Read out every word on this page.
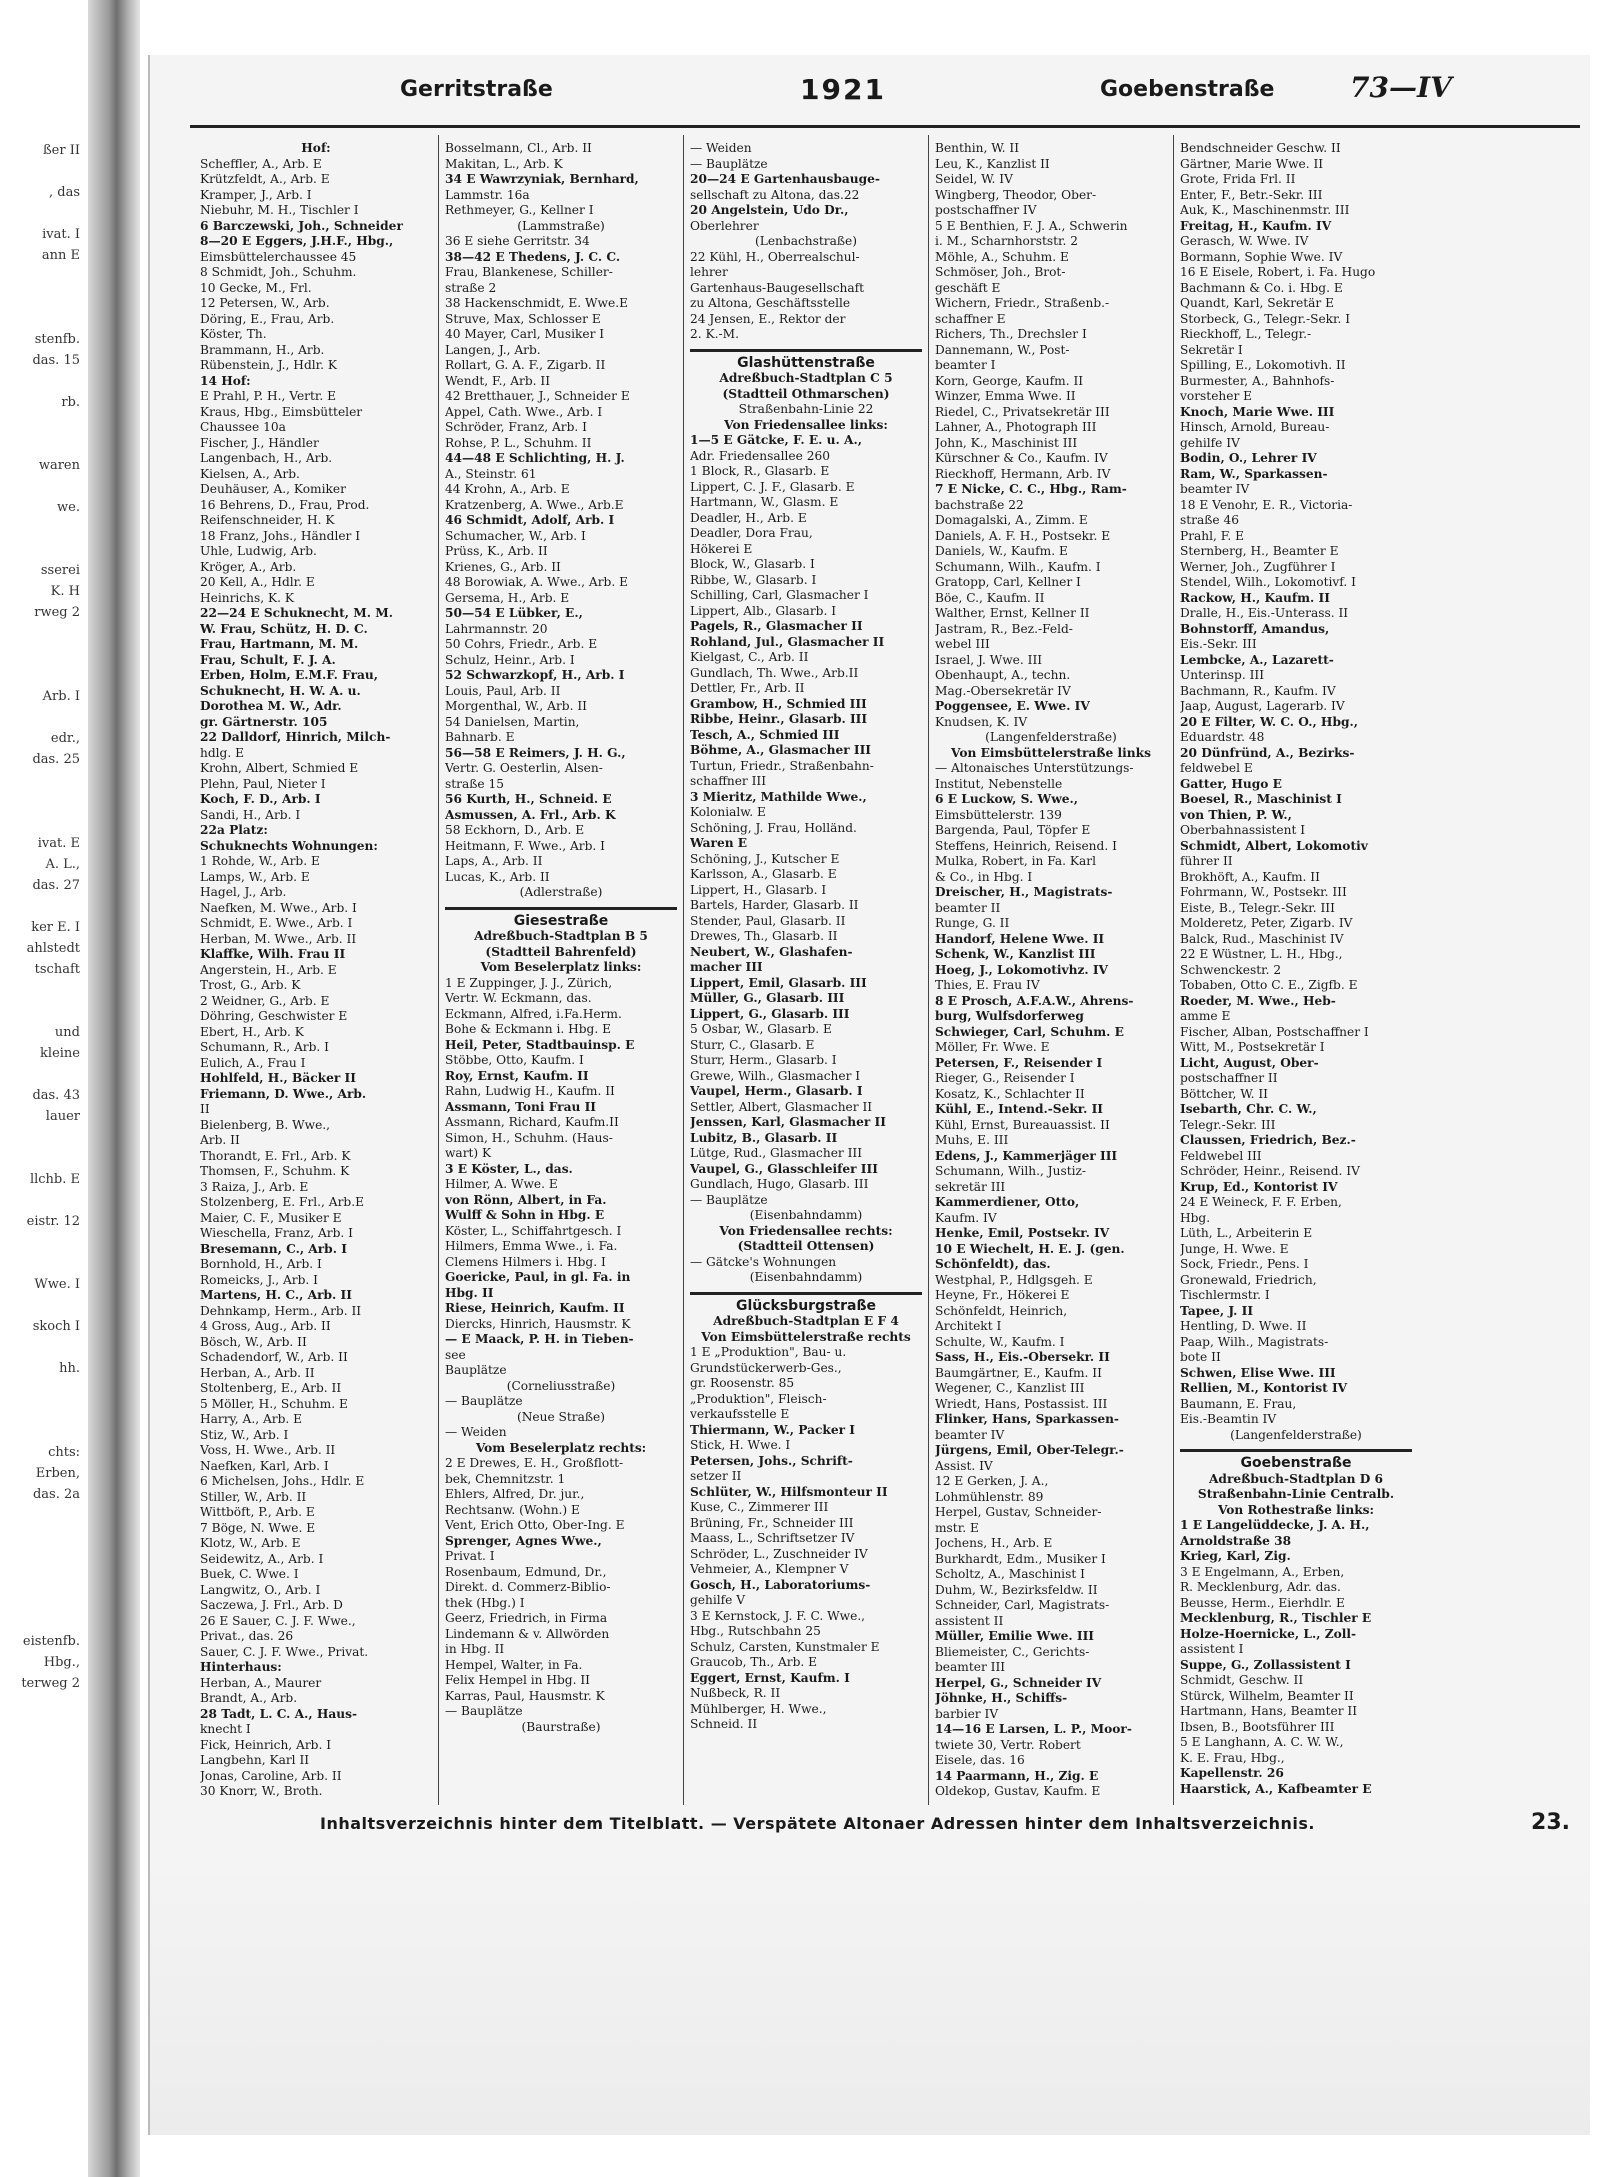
ßer II

, das

ivat. I
ann E

stenfb.
das. 15

rb.

waren

we.

sserei
K. H
rweg 2

Arb. I

edr.,
das. 25

ivat. E
A. L.,
das. 27

ker E. I
ahlstedt
tschaft

und
kleine

das. 43
lauer

llchb. E

eistr. 12

Wwe. I

skoch I

hh.

chts:
Erben,
das. 2a

eistenfb.
Hbg.,
terweg 2
Gerritstraße	1921	Goebenstraße	73—IV
Hof:
Scheffler, A., Arb. E
Krützfeldt, A., Arb. E
Kramper, J., Arb. I
Niebuhr, M. H., Tischler I
6 Barczewski, Joh., Schneider
8—20 E Eggers, J.H.F., Hbg.,
Eimsbüttelerchaussee 45
8 Schmidt, Joh., Schuhm.
10 Gecke, M., Frl.
12 Petersen, W., Arb.
Döring, E., Frau, Arb.
Köster, Th.
Brammann, H., Arb.
Rübenstein, J., Hdlr. K
14 Hof:
E Prahl, P. H., Vertr. E
Kraus, Hbg., Eimsbütteler
Chaussee 10a
Fischer, J., Händler
Langenbach, H., Arb.
Kielsen, A., Arb.
Deuhäuser, A., Komiker
16 Behrens, D., Frau, Prod.
Reifenschneider, H. K
18 Franz, Johs., Händler I
Uhle, Ludwig, Arb.
Kröger, A., Arb.
20 Kell, A., Hdlr. E
Heinrichs, K. K
22—24 E Schuknecht, M. M.
W. Frau, Schütz, H. D. C.
Frau, Hartmann, M. M.
Frau, Schult, F. J. A.
Erben, Holm, E.M.F. Frau,
Schuknecht, H. W. A. u.
Dorothea M. W., Adr.
gr. Gärtnerstr. 105
22 Dalldorf, Hinrich, Milch-
hdlg. E
Krohn, Albert, Schmied E
Plehn, Paul, Nieter I
Koch, F. D., Arb. I
Sandi, H., Arb. I
22a Platz:
Schuknechts Wohnungen:
1 Rohde, W., Arb. E
Lamps, W., Arb. E
Hagel, J., Arb.
Naefken, M. Wwe., Arb. I
Schmidt, E. Wwe., Arb. I
Herban, M. Wwe., Arb. II
Klaffke, Wilh. Frau II
Angerstein, H., Arb. E
Trost, G., Arb. K
2 Weidner, G., Arb. E
Döhring, Geschwister E
Ebert, H., Arb. K
Schumann, R., Arb. I
Eulich, A., Frau I
Hohlfeld, H., Bäcker II
Friemann, D. Wwe., Arb.
II
Bielenberg, B. Wwe.,
Arb. II
Thorandt, E. Frl., Arb. K
Thomsen, F., Schuhm. K
3 Raiza, J., Arb. E
Stolzenberg, E. Frl., Arb.E
Maier, C. F., Musiker E
Wieschella, Franz, Arb. I
Bresemann, C., Arb. I
Bornhold, H., Arb. I
Romeicks, J., Arb. I
Martens, H. C., Arb. II
Dehnkamp, Herm., Arb. II
4 Gross, Aug., Arb. II
Bösch, W., Arb. II
Schadendorf, W., Arb. II
Herban, A., Arb. II
Stoltenberg, E., Arb. II
5 Möller, H., Schuhm. E
Harry, A., Arb. E
Stiz, W., Arb. I
Voss, H. Wwe., Arb. II
Naefken, Karl, Arb. I
6 Michelsen, Johs., Hdlr. E
Stiller, W., Arb. II
Wittböft, P., Arb. E
7 Böge, N. Wwe. E
Klotz, W., Arb. E
Seidewitz, A., Arb. I
Buek, C. Wwe. I
Langwitz, O., Arb. I
Saczewa, J. Frl., Arb. D
26 E Sauer, C. J. F. Wwe.,
Privat., das. 26
Sauer, C. J. F. Wwe., Privat.
Hinterhaus:
Herban, A., Maurer
Brandt, A., Arb.
28 Tadt, L. C. A., Haus-
knecht I
Fick, Heinrich, Arb. I
Langbehn, Karl II
Jonas, Caroline, Arb. II
30 Knorr, W., Broth.
Bosselmann, Cl., Arb. II
Makitan, L., Arb. K
34 E Wawrzyniak, Bernhard,
Lammstr. 16a
Rethmeyer, G., Kellner I
(Lammstraße)
36 E siehe Gerritstr. 34
38—42 E Thedens, J. C. C.
Frau, Blankenese, Schiller-
straße 2
38 Hackenschmidt, E. Wwe.E
Struve, Max, Schlosser E
40 Mayer, Carl, Musiker I
Langen, J., Arb.
Rollart, G. A. F., Zigarb. II
Wendt, F., Arb. II
42 Bretthauer, J., Schneider E
Appel, Cath. Wwe., Arb. I
Schröder, Franz, Arb. I
Rohse, P. L., Schuhm. II
44—48 E Schlichting, H. J.
A., Steinstr. 61
44 Krohn, A., Arb. E
Kratzenberg, A. Wwe., Arb.E
46 Schmidt, Adolf, Arb. I
Schumacher, W., Arb. I
Prüss, K., Arb. II
Krienes, G., Arb. II
48 Borowiak, A. Wwe., Arb. E
Gersema, H., Arb. E
50—54 E Lübker, E.,
Lahrmannstr. 20
50 Cohrs, Friedr., Arb. E
Schulz, Heinr., Arb. I
52 Schwarzkopf, H., Arb. I
Louis, Paul, Arb. II
Morgenthal, W., Arb. II
54 Danielsen, Martin,
Bahnarb. E
56—58 E Reimers, J. H. G.,
Vertr. G. Oesterlin, Alsen-
straße 15
56 Kurth, H., Schneid. E
Asmussen, A. Frl., Arb. K
58 Eckhorn, D., Arb. E
Heitmann, F. Wwe., Arb. I
Laps, A., Arb. II
Lucas, K., Arb. II
(Adlerstraße)
Giesestraße
Adreßbuch-Stadtplan B 5
(Stadtteil Bahrenfeld)
Vom Beselerplatz links:
1 E Zuppinger, J. J., Zürich,
Vertr. W. Eckmann, das.
Eckmann, Alfred, i.Fa.Herm.
Bohe & Eckmann i. Hbg. E
Heil, Peter, Stadtbauinsp. E
Stöbbe, Otto, Kaufm. I
Roy, Ernst, Kaufm. II
Rahn, Ludwig H., Kaufm. II
Assmann, Toni Frau II
Assmann, Richard, Kaufm.II
Simon, H., Schuhm. (Haus-
wart) K
3 E Köster, L., das.
Hilmer, A. Wwe. E
von Rönn, Albert, in Fa.
Wulff & Sohn in Hbg. E
Köster, L., Schiffahrtgesch. I
Hilmers, Emma Wwe., i. Fa.
Clemens Hilmers i. Hbg. I
Goericke, Paul, in gl. Fa. in
Hbg. II
Riese, Heinrich, Kaufm. II
Diercks, Hinrich, Hausmstr. K
— E Maack, P. H. in Tieben-
see
Bauplätze
(Corneliusstraße)
— Bauplätze
(Neue Straße)
— Weiden
Vom Beselerplatz rechts:
2 E Drewes, E. H., Großflott-
bek, Chemnitzstr. 1
Ehlers, Alfred, Dr. jur.,
Rechtsanw. (Wohn.) E
Vent, Erich Otto, Ober-Ing. E
Sprenger, Agnes Wwe.,
Privat. I
Rosenbaum, Edmund, Dr.,
Direkt. d. Commerz-Biblio-
thek (Hbg.) I
Geerz, Friedrich, in Firma
Lindemann & v. Allwörden
in Hbg. II
Hempel, Walter, in Fa.
Felix Hempel in Hbg. II
Karras, Paul, Hausmstr. K
— Bauplätze
(Baurstraße)
— Weiden
— Bauplätze
20—24 E Gartenhausbauge-
sellschaft zu Altona, das.22
20 Angelstein, Udo Dr.,
Oberlehrer
(Lenbachstraße)
22 Kühl, H., Oberrealschul-
lehrer
Gartenhaus-Baugesellschaft
zu Altona, Geschäftsstelle
24 Jensen, E., Rektor der
2. K.-M.
Glashüttenstraße
Adreßbuch-Stadtplan C 5
(Stadtteil Othmarschen)
Straßenbahn-Linie 22
Von Friedensallee links:
1—5 E Gätcke, F. E. u. A.,
Adr. Friedensallee 260
1 Block, R., Glasarb. E
Lippert, C. J. F., Glasarb. E
Hartmann, W., Glasm. E
Deadler, H., Arb. E
Deadler, Dora Frau,
Hökerei E
Block, W., Glasarb. I
Ribbe, W., Glasarb. I
Schilling, Carl, Glasmacher I
Lippert, Alb., Glasarb. I
Pagels, R., Glasmacher II
Rohland, Jul., Glasmacher II
Kielgast, C., Arb. II
Gundlach, Th. Wwe., Arb.II
Dettler, Fr., Arb. II
Grambow, H., Schmied III
Ribbe, Heinr., Glasarb. III
Tesch, A., Schmied III
Böhme, A., Glasmacher III
Turtun, Friedr., Straßenbahn-
schaffner III
3 Mieritz, Mathilde Wwe.,
Kolonialw. E
Schöning, J. Frau, Holländ.
Waren E
Schöning, J., Kutscher E
Karlsson, A., Glasarb. E
Lippert, H., Glasarb. I
Bartels, Harder, Glasarb. II
Stender, Paul, Glasarb. II
Drewes, Th., Glasarb. II
Neubert, W., Glashafen-
macher III
Lippert, Emil, Glasarb. III
Müller, G., Glasarb. III
Lippert, G., Glasarb. III
5 Osbar, W., Glasarb. E
Sturr, C., Glasarb. E
Sturr, Herm., Glasarb. I
Grewe, Wilh., Glasmacher I
Vaupel, Herm., Glasarb. I
Settler, Albert, Glasmacher II
Jenssen, Karl, Glasmacher II
Lubitz, B., Glasarb. II
Lütge, Rud., Glasmacher III
Vaupel, G., Glasschleifer III
Gundlach, Hugo, Glasarb. III
— Bauplätze
(Eisenbahndamm)
Von Friedensallee rechts:
(Stadtteil Ottensen)
— Gätcke's Wohnungen
(Eisenbahndamm)
Glücksburgstraße
Adreßbuch-Stadtplan E F 4
Von Eimsbüttelerstraße rechts
1 E „Produktion", Bau- u.
Grundstückerwerb-Ges.,
gr. Roosenstr. 85
„Produktion", Fleisch-
verkaufsstelle E
Thiermann, W., Packer I
Stick, H. Wwe. I
Petersen, Johs., Schrift-
setzer II
Schlüter, W., Hilfsmonteur II
Kuse, C., Zimmerer III
Brüning, Fr., Schneider III
Maass, L., Schriftsetzer IV
Schröder, L., Zuschneider IV
Vehmeier, A., Klempner V
Gosch, H., Laboratoriums-
gehilfe V
3 E Kernstock, J. F. C. Wwe.,
Hbg., Rutschbahn 25
Schulz, Carsten, Kunstmaler E
Graucob, Th., Arb. E
Eggert, Ernst, Kaufm. I
Nußbeck, R. II
Mühlberger, H. Wwe.,
Schneid. II
Benthin, W. II
Leu, K., Kanzlist II
Seidel, W. IV
Wingberg, Theodor, Ober-
postschaffner IV
5 E Benthien, F. J. A., Schwerin
i. M., Scharnhorststr. 2
Möhle, A., Schuhm. E
Schmöser, Joh., Brot-
geschäft E
Wichern, Friedr., Straßenb.-
schaffner E
Richers, Th., Drechsler I
Dannemann, W., Post-
beamter I
Korn, George, Kaufm. II
Winzer, Emma Wwe. II
Riedel, C., Privatsekretär III
Lahner, A., Photograph III
John, K., Maschinist III
Kürschner & Co., Kaufm. IV
Rieckhoff, Hermann, Arb. IV
7 E Nicke, C. C., Hbg., Ram-
bachstraße 22
Domagalski, A., Zimm. E
Daniels, A. F. H., Postsekr. E
Daniels, W., Kaufm. E
Schumann, Wilh., Kaufm. I
Gratopp, Carl, Kellner I
Böe, C., Kaufm. II
Walther, Ernst, Kellner II
Jastram, R., Bez.-Feld-
webel III
Israel, J. Wwe. III
Obenhaupt, A., techn.
Mag.-Obersekretär IV
Poggensee, E. Wwe. IV
Knudsen, K. IV
(Langenfelderstraße)
Von Eimsbüttelerstraße links
— Altonaisches Unterstützungs-
Institut, Nebenstelle
6 E Luckow, S. Wwe.,
Eimsbüttelerstr. 139
Bargenda, Paul, Töpfer E
Steffens, Heinrich, Reisend. I
Mulka, Robert, in Fa. Karl
& Co., in Hbg. I
Dreischer, H., Magistrats-
beamter II
Runge, G. II
Handorf, Helene Wwe. II
Schenk, W., Kanzlist III
Hoeg, J., Lokomotivhz. IV
Thies, E. Frau IV
8 E Prosch, A.F.A.W., Ahrens-
burg, Wulfsdorferweg
Schwieger, Carl, Schuhm. E
Möller, Fr. Wwe. E
Petersen, F., Reisender I
Rieger, G., Reisender I
Kosatz, K., Schlachter II
Kühl, E., Intend.-Sekr. II
Kühl, Ernst, Bureauassist. II
Muhs, E. III
Edens, J., Kammerjäger III
Schumann, Wilh., Justiz-
sekretär III
Kammerdiener, Otto,
Kaufm. IV
Henke, Emil, Postsekr. IV
10 E Wiechelt, H. E. J. (gen.
Schönfeldt), das.
Westphal, P., Hdlgsgeh. E
Heyne, Fr., Hökerei E
Schönfeldt, Heinrich,
Architekt I
Schulte, W., Kaufm. I
Sass, H., Eis.-Obersekr. II
Baumgärtner, E., Kaufm. II
Wegener, C., Kanzlist III
Wriedt, Hans, Postassist. III
Flinker, Hans, Sparkassen-
beamter IV
Jürgens, Emil, Ober-Telegr.-
Assist. IV
12 E Gerken, J. A.,
Lohmühlenstr. 89
Herpel, Gustav, Schneider-
mstr. E
Jochens, H., Arb. E
Burkhardt, Edm., Musiker I
Scholtz, A., Maschinist I
Duhm, W., Bezirksfeldw. II
Schneider, Carl, Magistrats-
assistent II
Müller, Emilie Wwe. III
Bliemeister, C., Gerichts-
beamter III
Herpel, G., Schneider IV
Jöhnke, H., Schiffs-
barbier IV
14—16 E Larsen, L. P., Moor-
twiete 30, Vertr. Robert
Eisele, das. 16
14 Paarmann, H., Zig. E
Oldekop, Gustav, Kaufm. E
Bendschneider Geschw. II
Gärtner, Marie Wwe. II
Grote, Frida Frl. II
Enter, F., Betr.-Sekr. III
Auk, K., Maschinenmstr. III
Freitag, H., Kaufm. IV
Gerasch, W. Wwe. IV
Bormann, Sophie Wwe. IV
16 E Eisele, Robert, i. Fa. Hugo
Bachmann & Co. i. Hbg. E
Quandt, Karl, Sekretär E
Storbeck, G., Telegr.-Sekr. I
Rieckhoff, L., Telegr.-
Sekretär I
Spilling, E., Lokomotivh. II
Burmester, A., Bahnhofs-
vorsteher E
Knoch, Marie Wwe. III
Hinsch, Arnold, Bureau-
gehilfe IV
Bodin, O., Lehrer IV
Ram, W., Sparkassen-
beamter IV
18 E Venohr, E. R., Victoria-
straße 46
Prahl, F. E
Sternberg, H., Beamter E
Werner, Joh., Zugführer I
Stendel, Wilh., Lokomotivf. I
Rackow, H., Kaufm. II
Dralle, H., Eis.-Unterass. II
Bohnstorff, Amandus,
Eis.-Sekr. III
Lembcke, A., Lazarett-
Unterinsp. III
Bachmann, R., Kaufm. IV
Jaap, August, Lagerarb. IV
20 E Filter, W. C. O., Hbg.,
Eduardstr. 48
20 Dünfründ, A., Bezirks-
feldwebel E
Gatter, Hugo E
Boesel, R., Maschinist I
von Thien, P. W.,
Oberbahnassistent I
Schmidt, Albert, Lokomotiv
führer II
Brokhöft, A., Kaufm. II
Fohrmann, W., Postsekr. III
Eiste, B., Telegr.-Sekr. III
Molderetz, Peter, Zigarb. IV
Balck, Rud., Maschinist IV
22 E Wüstner, L. H., Hbg.,
Schwenckestr. 2
Tobaben, Otto C. E., Zigfb. E
Roeder, M. Wwe., Heb-
amme E
Fischer, Alban, Postschaffner I
Witt, M., Postsekretär I
Licht, August, Ober-
postschaffner II
Böttcher, W. II
Isebarth, Chr. C. W.,
Telegr.-Sekr. III
Claussen, Friedrich, Bez.-
Feldwebel III
Schröder, Heinr., Reisend. IV
Krup, Ed., Kontorist IV
24 E Weineck, F. F. Erben,
Hbg.
Lüth, L., Arbeiterin E
Junge, H. Wwe. E
Sock, Friedr., Pens. I
Gronewald, Friedrich,
Tischlermstr. I
Tapee, J. II
Hentling, D. Wwe. II
Paap, Wilh., Magistrats-
bote II
Schwen, Elise Wwe. III
Rellien, M., Kontorist IV
Baumann, E. Frau,
Eis.-Beamtin IV
(Langenfelderstraße)
Goebenstraße
Adreßbuch-Stadtplan D 6
Straßenbahn-Linie Centralb.
Von Rothestraße links:
1 E Langelüddecke, J. A. H.,
Arnoldstraße 38
Krieg, Karl, Zig.
3 E Engelmann, A., Erben,
R. Mecklenburg, Adr. das.
Beusse, Herm., Eierhdlr. E
Mecklenburg, R., Tischler E
Holze-Hoernicke, L., Zoll-
assistent I
Suppe, G., Zollassistent I
Schmidt, Geschw. II
Stürck, Wilhelm, Beamter II
Hartmann, Hans, Beamter II
Ibsen, B., Bootsführer III
5 E Langhann, A. C. W. W.,
K. E. Frau, Hbg.,
Kapellenstr. 26
Haarstick, A., Kafbeamter E
Inhaltsverzeichnis hinter dem Titelblatt. — Verspätete Altonaer Adressen hinter dem Inhaltsverzeichnis.	23.
